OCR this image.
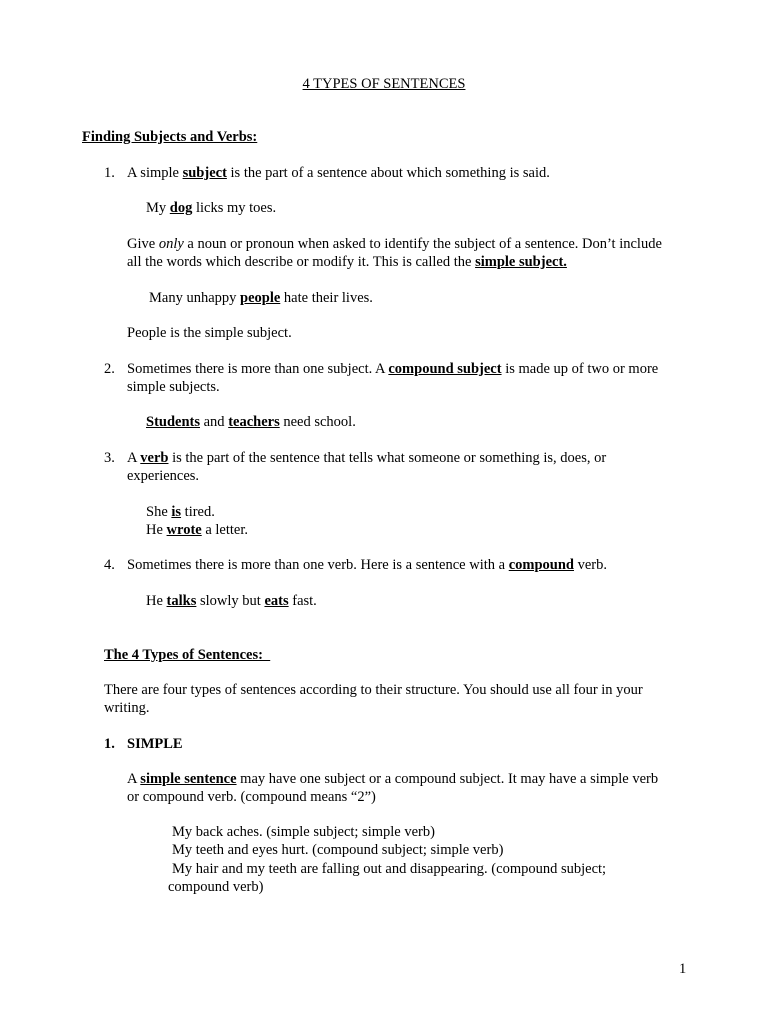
4 TYPES OF SENTENCES
Finding Subjects and Verbs:
1. A simple subject is the part of a sentence about which something is said.
My dog licks my toes.
Give only a noun or pronoun when asked to identify the subject of a sentence. Don’t include
all the words which describe or modify it. This is called the simple subject.
Many unhappy people hate their lives.
People is the simple subject.
2. Sometimes there is more than one subject. A compound subject is made up of two or more
simple subjects.
Students and teachers need school.
3. A verb is the part of the sentence that tells what someone or something is, does, or
experiences.
She is tired.
He wrote a letter.
4. Sometimes there is more than one verb. Here is a sentence with a compound verb.
He talks slowly but eats fast.
The 4 Types of Sentences:
There are four types of sentences according to their structure. You should use all four in your
writing.
1. SIMPLE
A simple sentence may have one subject or a compound subject. It may have a simple verb
or compound verb. (compound means “2”)
My back aches. (simple subject; simple verb)
My teeth and eyes hurt. (compound subject; simple verb)
My hair and my teeth are falling out and disappearing. (compound subject;
compound verb)
1
